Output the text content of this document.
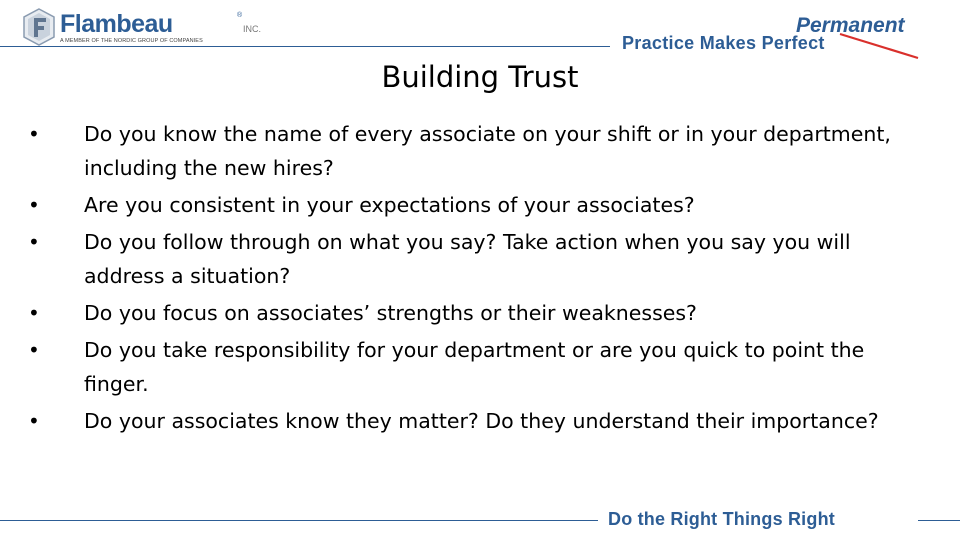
Flambeau	®
INC.
A MEMBER OF THE NORDIC GROUP OF COMPANIES
Permanent
Practice Makes Perfect
Building Trust
•	Do you know the name of every associate on your shift or in your department, including the new hires?
•	Are you consistent in your expectations of your associates?
•	Do you follow through on what you say? Take action when you say you will address a situation?
•	Do you focus on associates’ strengths or their weaknesses?
•	Do you take responsibility for your department or are you quick to point the finger.
•	Do your associates know they matter? Do they understand their importance?
Do the Right Things Right
